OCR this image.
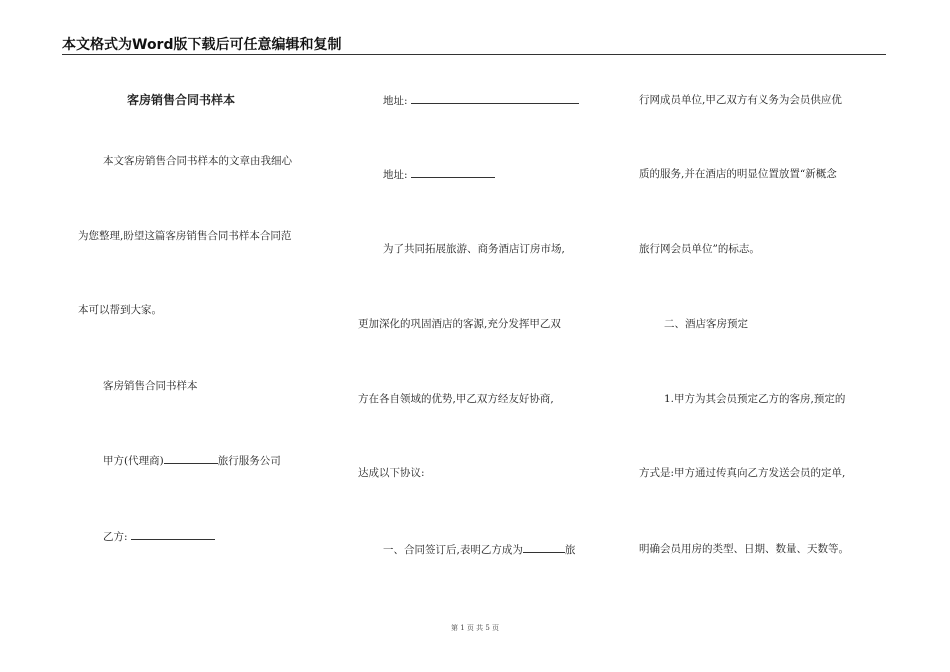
本文格式为Word版下载后可任意编辑和复制
客房销售合同书样本
本文客房销售合同书样本的文章由我细心
为您整理,盼望这篇客房销售合同书样本合同范
本可以帮到大家。
客房销售合同书样本
甲方(代理商)	旅行服务公司
乙方:
地址:
地址:
为了共同拓展旅游、商务酒店订房市场,
更加深化的巩固酒店的客源,充分发挥甲乙双
方在各自领域的优势,甲乙双方经友好协商,
达成以下协议:
一、合同签订后,表明乙方成为	旅
行网成员单位,甲乙双方有义务为会员供应优
质的服务,并在酒店的明显位置放置“新概念
旅行网会员单位”的标志。
二、酒店客房预定
1.甲方为其会员预定乙方的客房,预定的
方式是:甲方通过传真向乙方发送会员的定单,
明确会员用房的类型、日期、数量、天数等。
第 1 页 共 5 页
